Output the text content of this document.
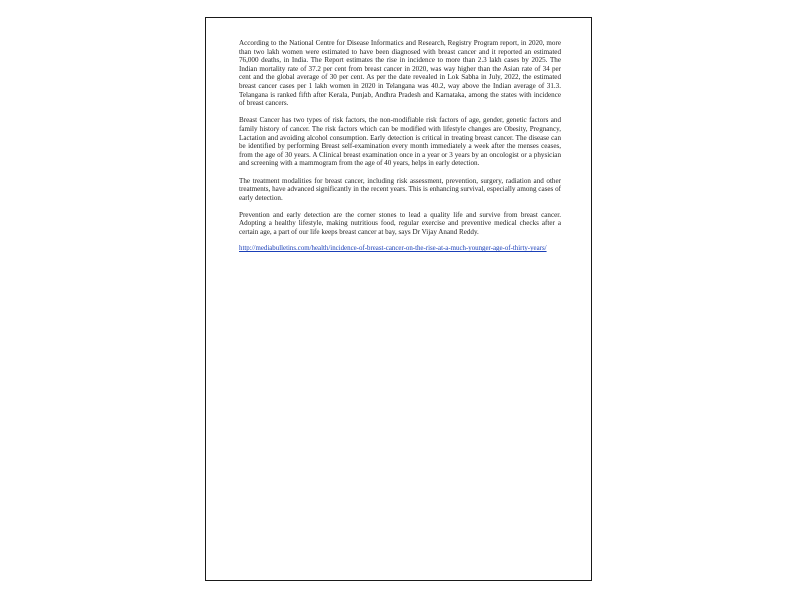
According to the National Centre for Disease Informatics and Research, Registry Program report, in 2020, more than two lakh women were estimated to have been diagnosed with breast cancer and it reported an estimated 76,000 deaths, in India. The Report estimates the rise in incidence to more than 2.3 lakh cases by 2025. The Indian mortality rate of 37.2 per cent from breast cancer in 2020, was way higher than the Asian rate of 34 per cent and the global average of 30 per cent. As per the date revealed in Lok Sabha in July, 2022, the estimated breast cancer cases per 1 lakh women in 2020 in Telangana was 40.2, way above the Indian average of 31.3. Telangana is ranked fifth after Kerala, Punjab, Andhra Pradesh and Karnataka, among the states with incidence of breast cancers.

Breast Cancer has two types of risk factors, the non-modifiable risk factors of age, gender, genetic factors and family history of cancer. The risk factors which can be modified with lifestyle changes are Obesity, Pregnancy, Lactation and avoiding alcohol consumption. Early detection is critical in treating breast cancer. The disease can be identified by performing Breast self-examination every month immediately a week after the menses ceases, from the age of 30 years. A Clinical breast examination once in a year or 3 years by an oncologist or a physician and screening with a mammogram from the age of 40 years, helps in early detection.

The treatment modalities for breast cancer, including risk assessment, prevention, surgery, radiation and other treatments, have advanced significantly in the recent years. This is enhancing survival, especially among cases of early detection.

Prevention and early detection are the corner stones to lead a quality life and survive from breast cancer. Adopting a healthy lifestyle, making nutritious food, regular exercise and preventive medical checks after a certain age, a part of our life keeps breast cancer at bay, says Dr Vijay Anand Reddy.

http://mediabulletins.com/health/incidence-of-breast-cancer-on-the-rise-at-a-much-younger-age-of-thirty-years/
